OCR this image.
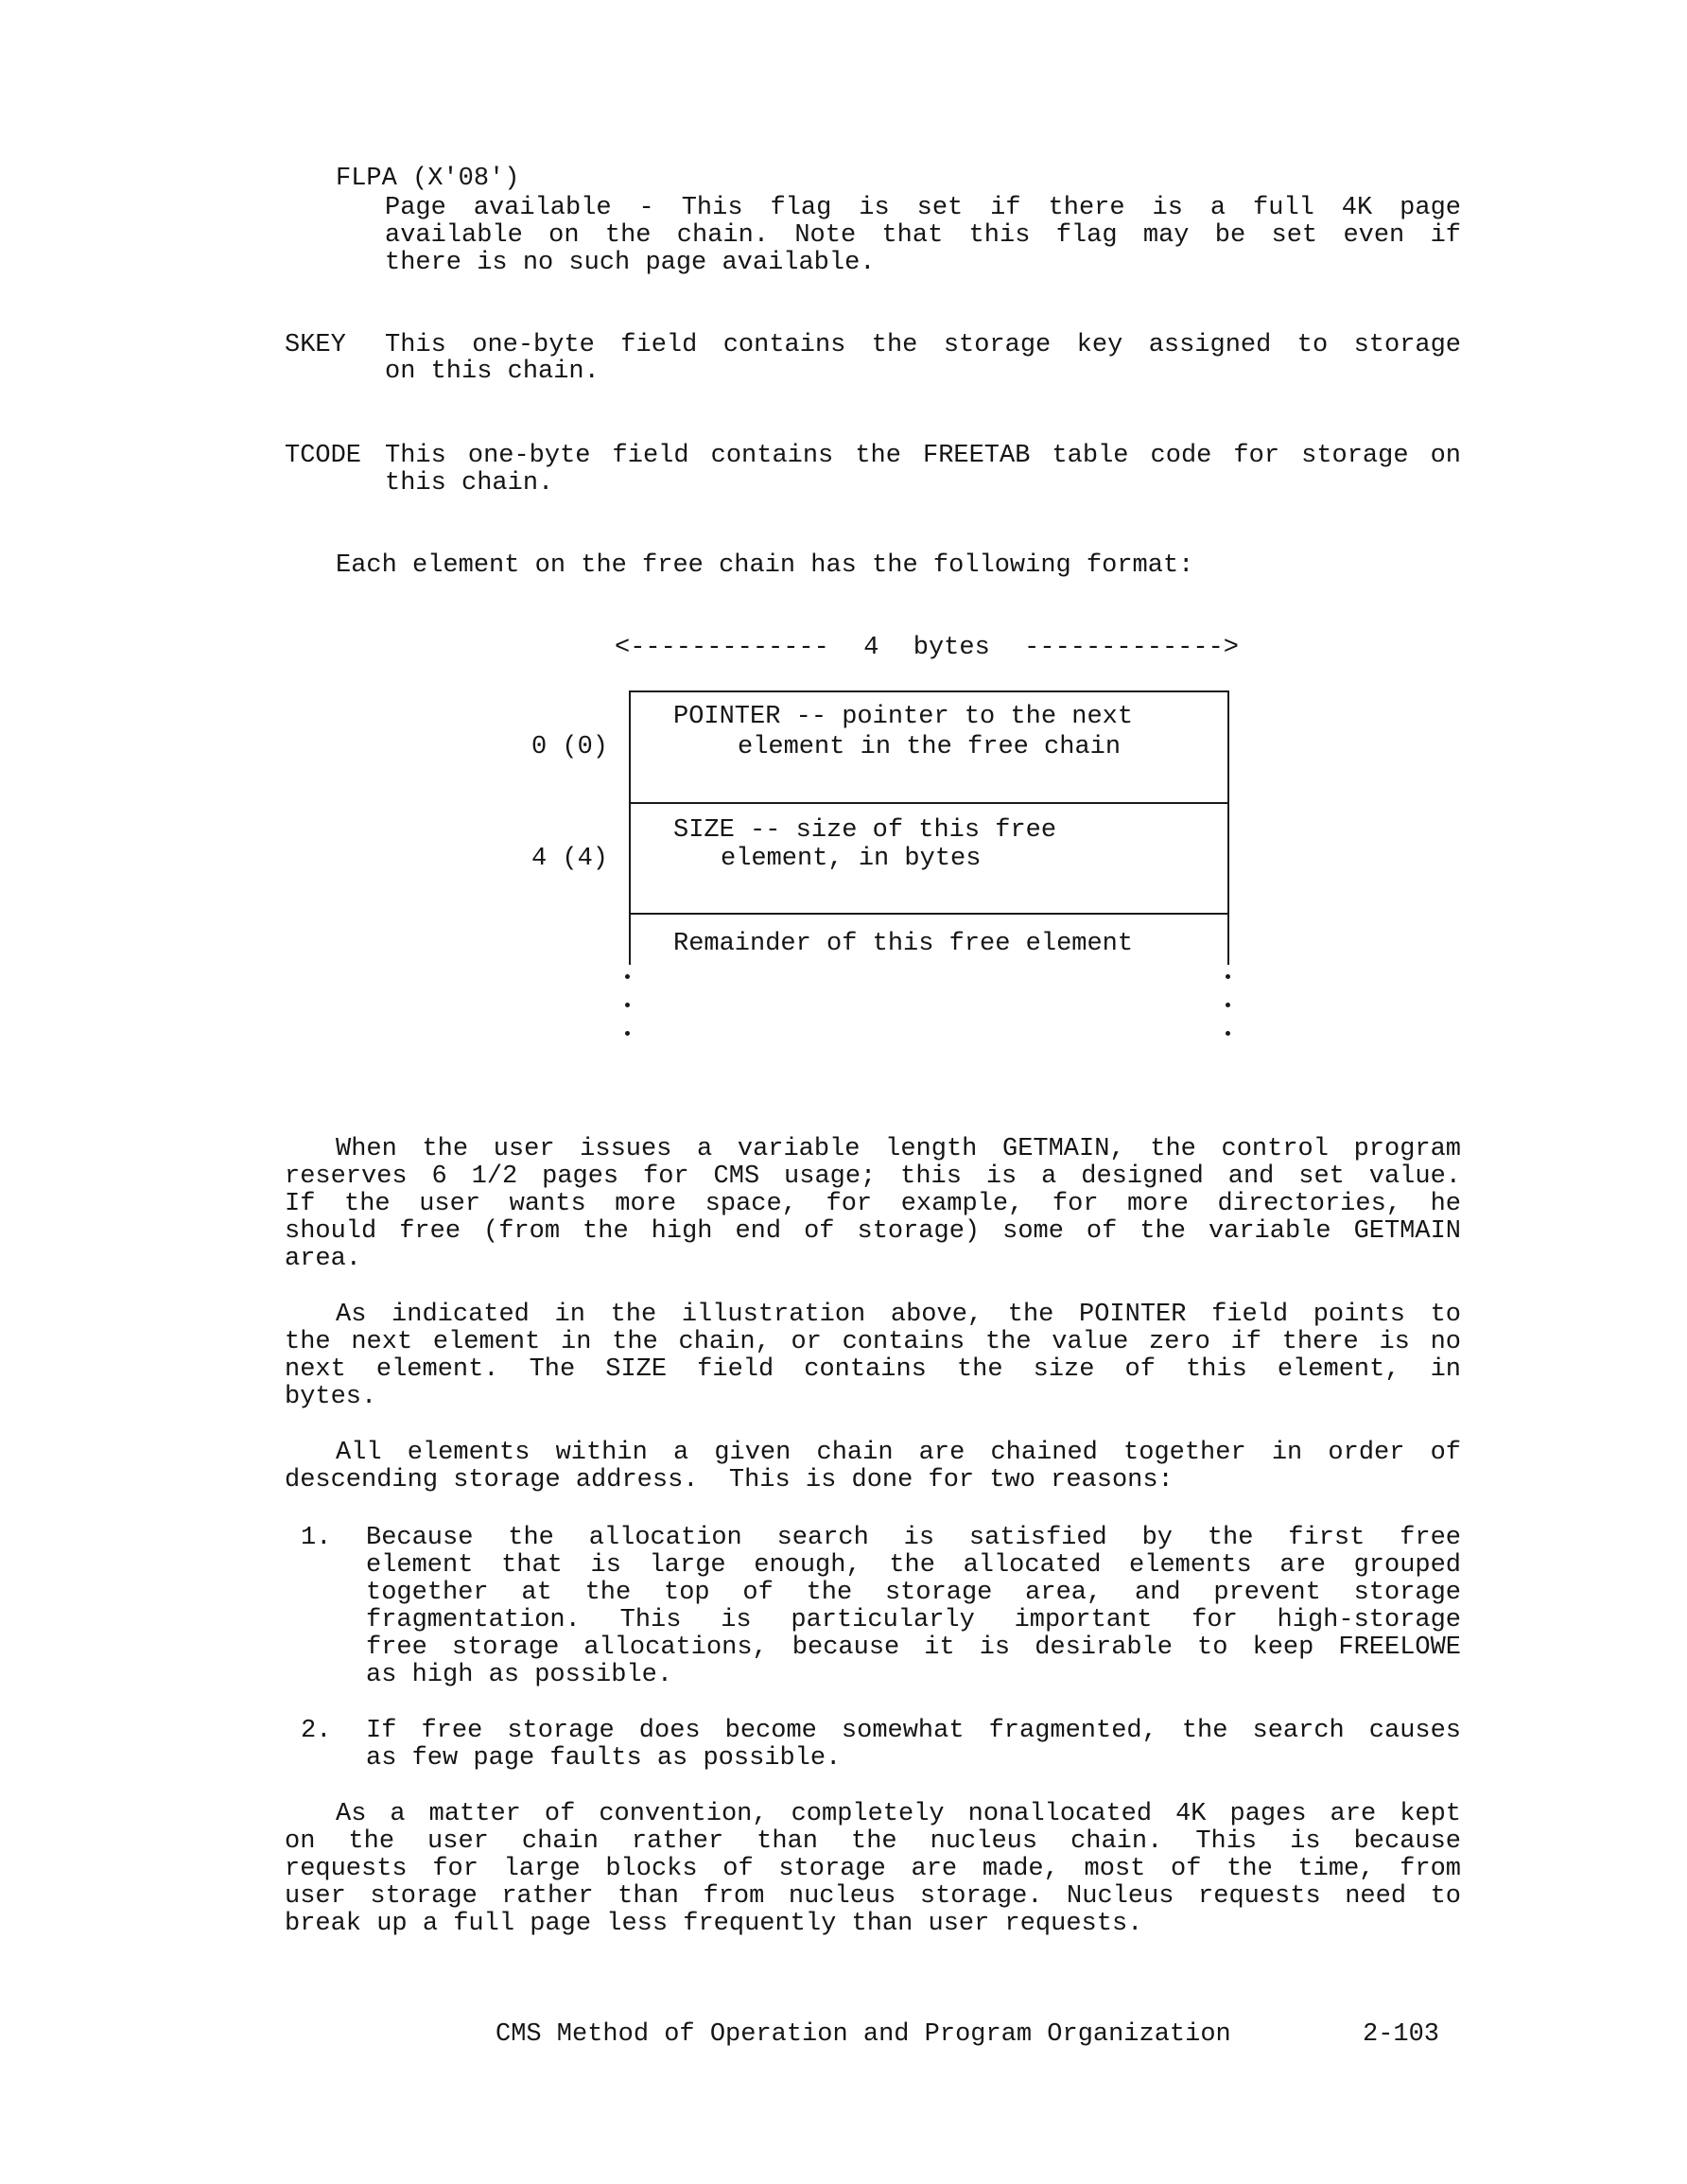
FLPA (X'08')
Page available - This flag is set if there is a full 4K page
available on the chain. Note that this flag may be set even if
there is no such page available.
SKEY This one-byte field contains the storage key assigned to storage
on this chain.
TCODE This one-byte field contains the FREETAB table code for storage on
this chain.
Each element on the free chain has the following format:
<------------- 4 bytes ------------->
0 (0)
POINTER -- pointer to the next
element in the free chain
4 (4)
SIZE -- size of this free
element, in bytes
Remainder of this free element
When the user issues a variable length GETMAIN, the control program
reserves 6 1/2 pages for CMS usage; this is a designed and set value.
If the user wants more space, for example, for more directories, he
should free (from the high end of storage) some of the variable GETMAIN
area.
As indicated in the illustration above, the POINTER field points to
the next element in the chain, or contains the value zero if there is no
next element. The SIZE field contains the size of this element, in
bytes.
All elements within a given chain are chained together in order of
descending storage address.  This is done for two reasons:
1. Because the allocation search is satisfied by the first free
element that is large enough, the allocated elements are grouped
together at the top of the storage area, and prevent storage
fragmentation. This is particularly important for high-storage
free storage allocations, because it is desirable to keep FREELOWE
as high as possible.
2. If free storage does become somewhat fragmented, the search causes
as few page faults as possible.
As a matter of convention, completely nonallocated 4K pages are kept
on the user chain rather than the nucleus chain. This is because
requests for large blocks of storage are made, most of the time, from
user storage rather than from nucleus storage. Nucleus requests need to
break up a full page less frequently than user requests.
CMS Method of Operation and Program Organization	2-103
